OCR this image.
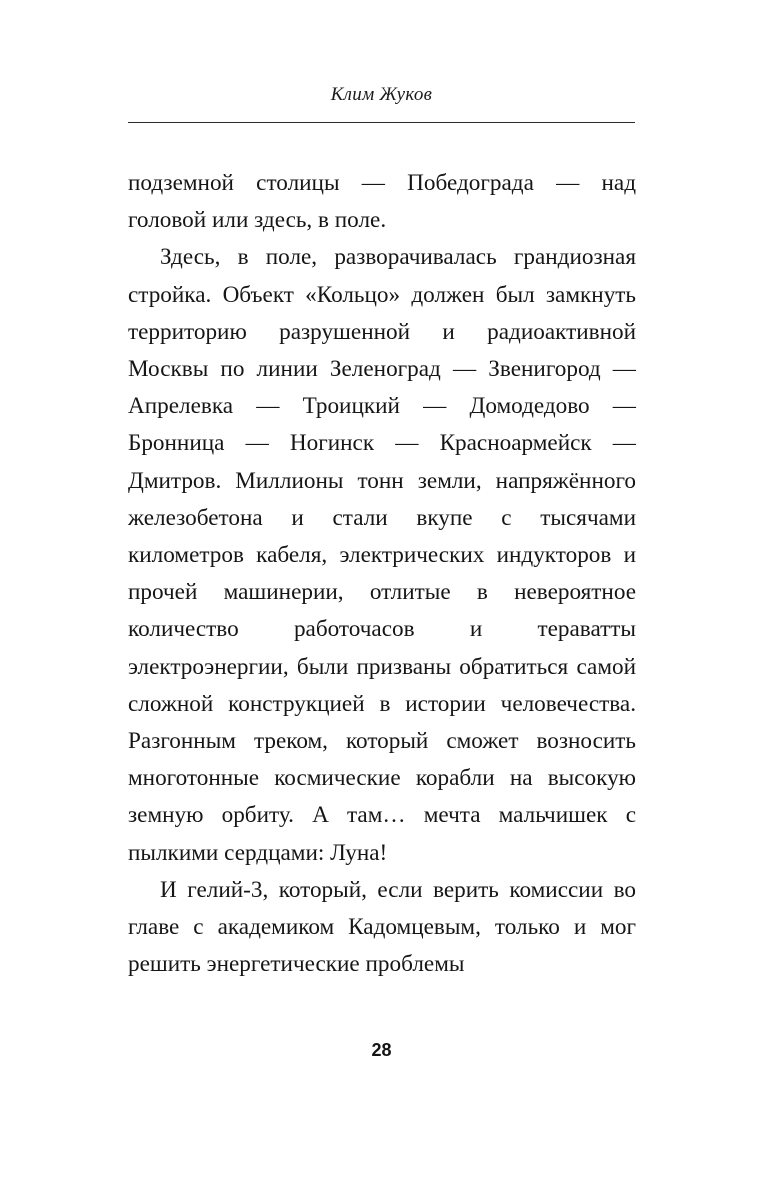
Клим Жуков

подземной столицы — Победограда — над головой или здесь, в поле.

Здесь, в поле, разворачивалась грандиозная стройка. Объект «Кольцо» должен был замкнуть территорию разрушенной и радиоактивной Москвы по линии Зеленоград — Звенигород — Апрелевка — Троицкий — Домодедово — Бронница — Ногинск — Красноармейск — Дмитров. Миллионы тонн земли, напряжённого железобетона и стали вкупе с тысячами километров кабеля, электрических индукторов и прочей машинерии, отлитые в невероятное количество работочасов и тераватты электроэнергии, были призваны обратиться самой сложной конструкцией в истории человечества. Разгонным треком, который сможет возносить многотонные космические корабли на высокую земную орбиту. А там… мечта мальчишек с пылкими сердцами: Луна!

И гелий-3, который, если верить комиссии во главе с академиком Кадомцевым, только и мог решить энергетические проблемы

28
